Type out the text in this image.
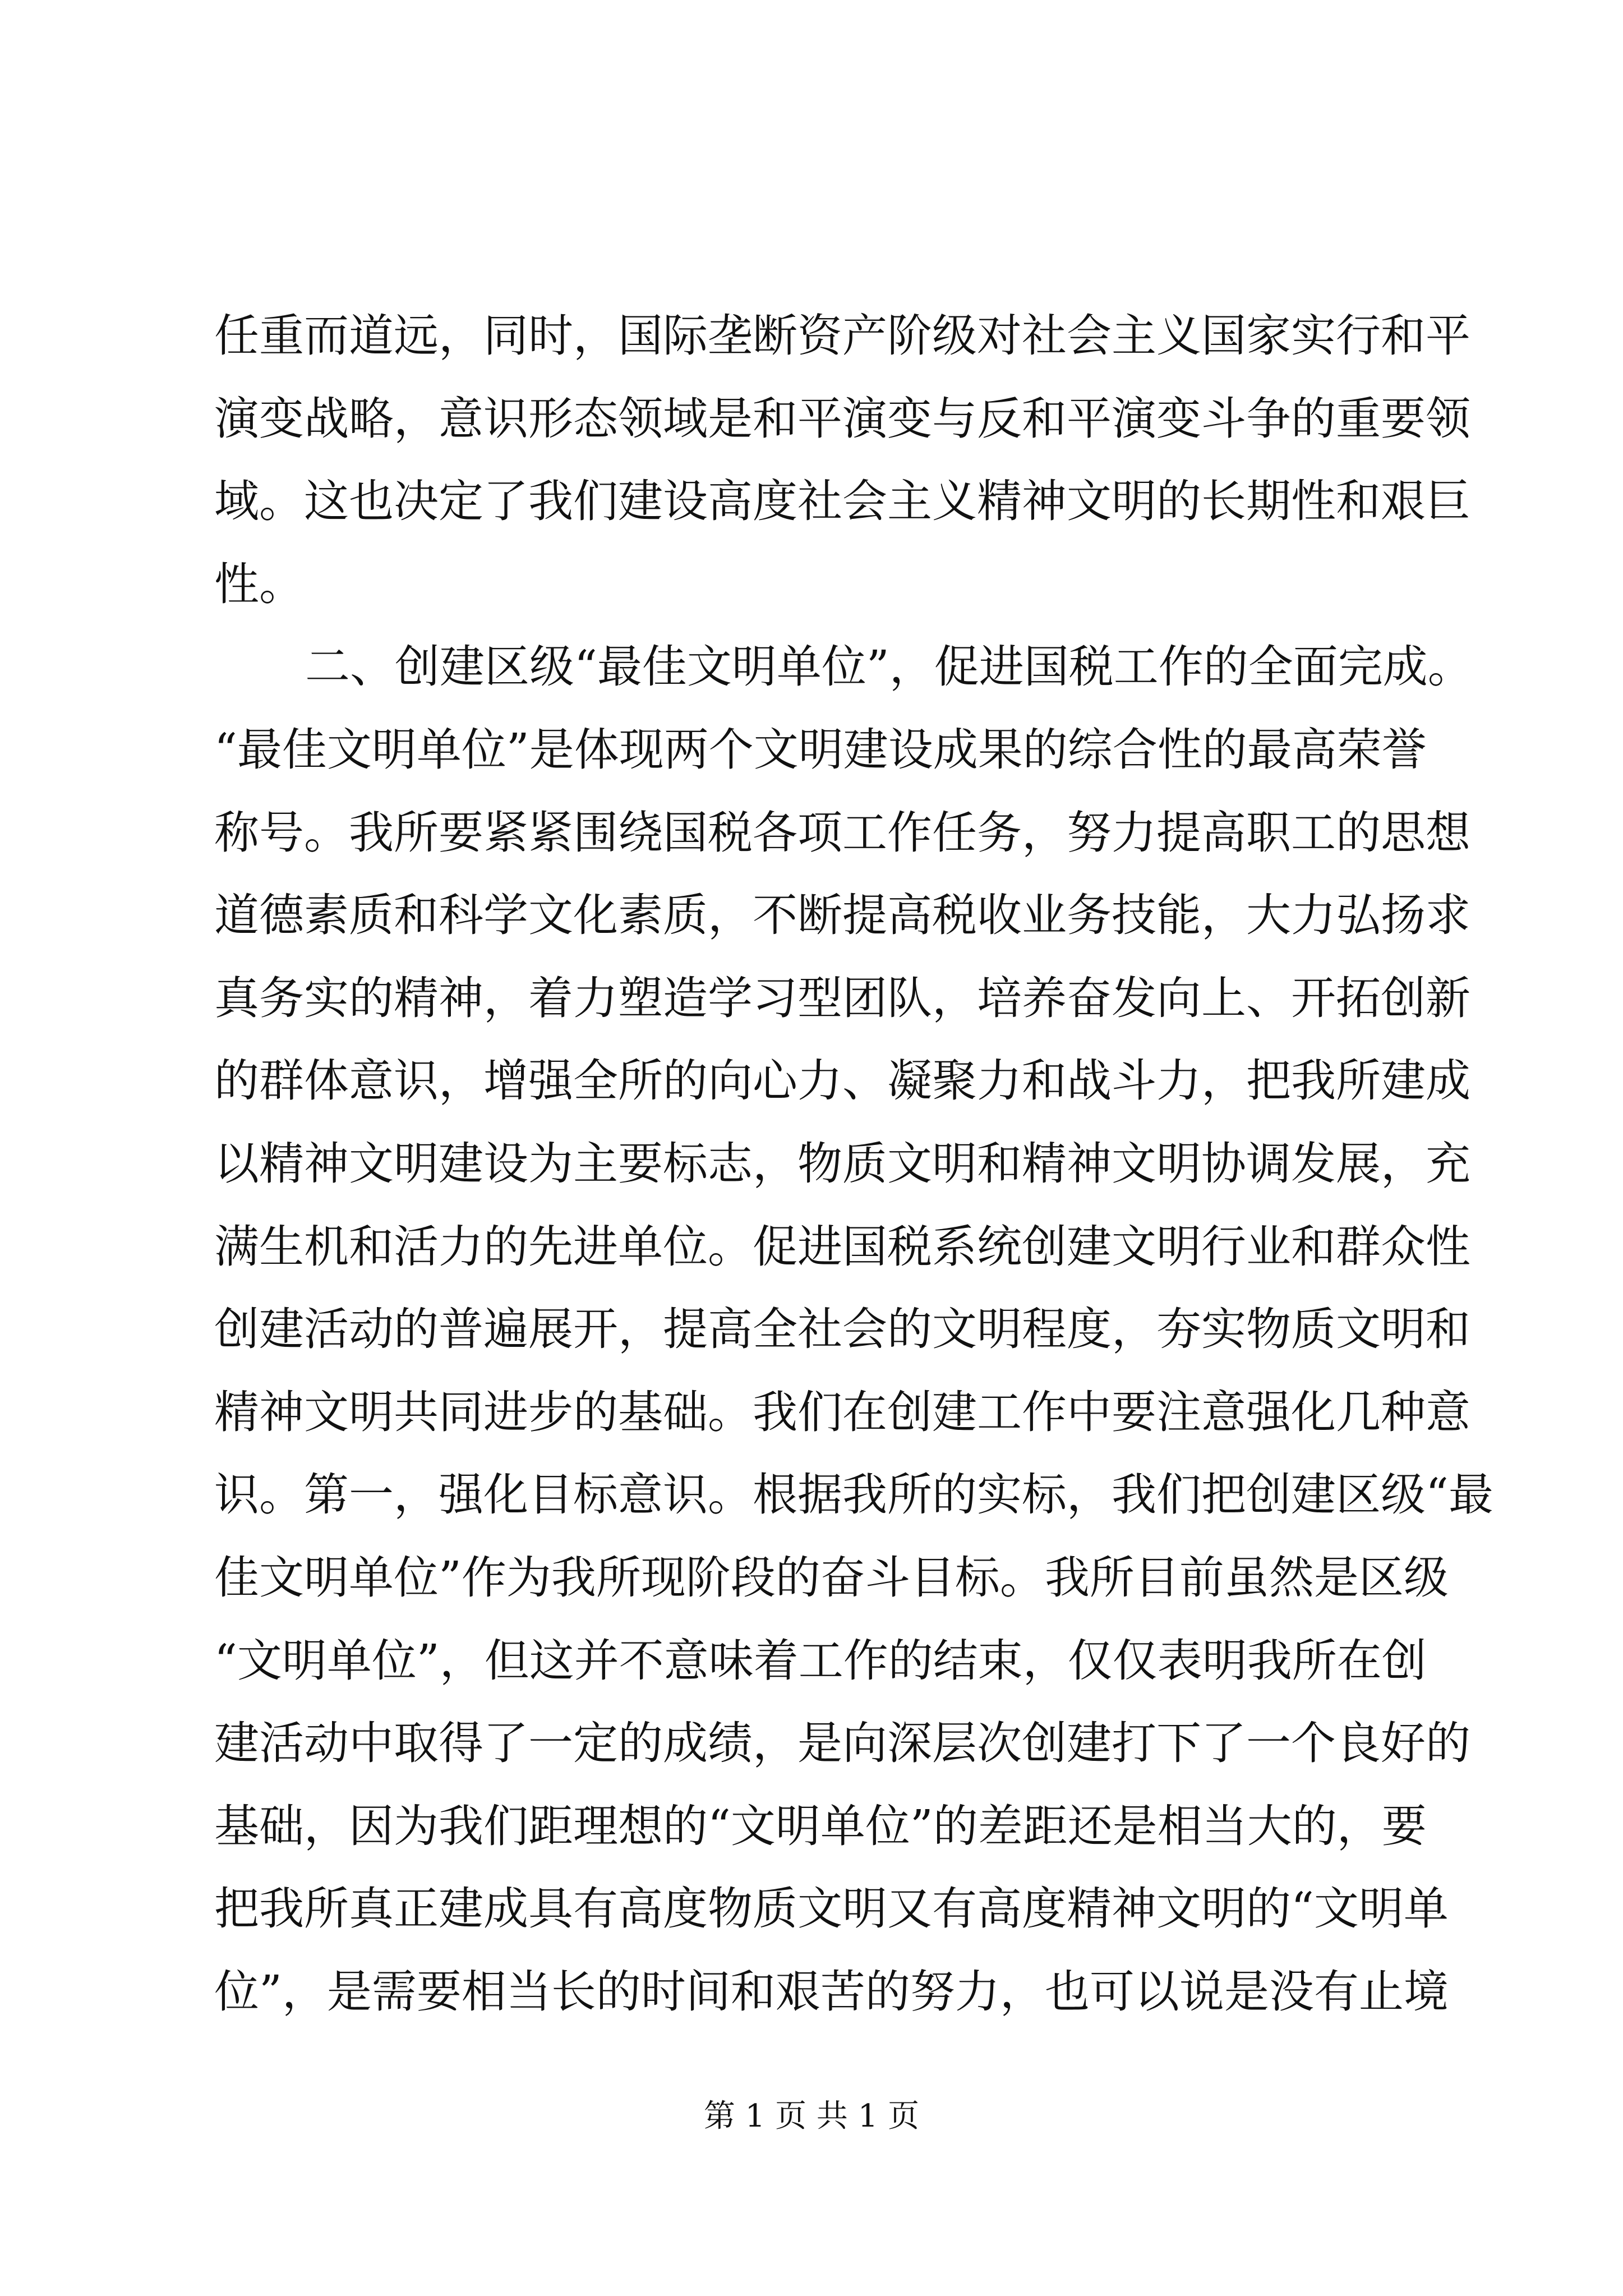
任重而道远，同时，国际垄断资产阶级对社会主义国家实行和平
演变战略，意识形态领域是和平演变与反和平演变斗争的重要领
域。这也决定了我们建设高度社会主义精神文明的长期性和艰巨
性。
二、创建区级“最佳文明单位”，促进国税工作的全面完成。
“最佳文明单位”是体现两个文明建设成果的综合性的最高荣誉
称号。我所要紧紧围绕国税各项工作任务，努力提高职工的思想
道德素质和科学文化素质，不断提高税收业务技能，大力弘扬求
真务实的精神，着力塑造学习型团队，培养奋发向上、开拓创新
的群体意识，增强全所的向心力、凝聚力和战斗力，把我所建成
以精神文明建设为主要标志，物质文明和精神文明协调发展，充
满生机和活力的先进单位。促进国税系统创建文明行业和群众性
创建活动的普遍展开，提高全社会的文明程度，夯实物质文明和
精神文明共同进步的基础。我们在创建工作中要注意强化几种意
识。第一，强化目标意识。根据我所的实标，我们把创建区级“最
佳文明单位”作为我所现阶段的奋斗目标。我所目前虽然是区级
“文明单位”，但这并不意味着工作的结束，仅仅表明我所在创
建活动中取得了一定的成绩，是向深层次创建打下了一个良好的
基础，因为我们距理想的“文明单位”的差距还是相当大的，要
把我所真正建成具有高度物质文明又有高度精神文明的“文明单
位”，是需要相当长的时间和艰苦的努力，也可以说是没有止境
第 1 页 共 1 页
